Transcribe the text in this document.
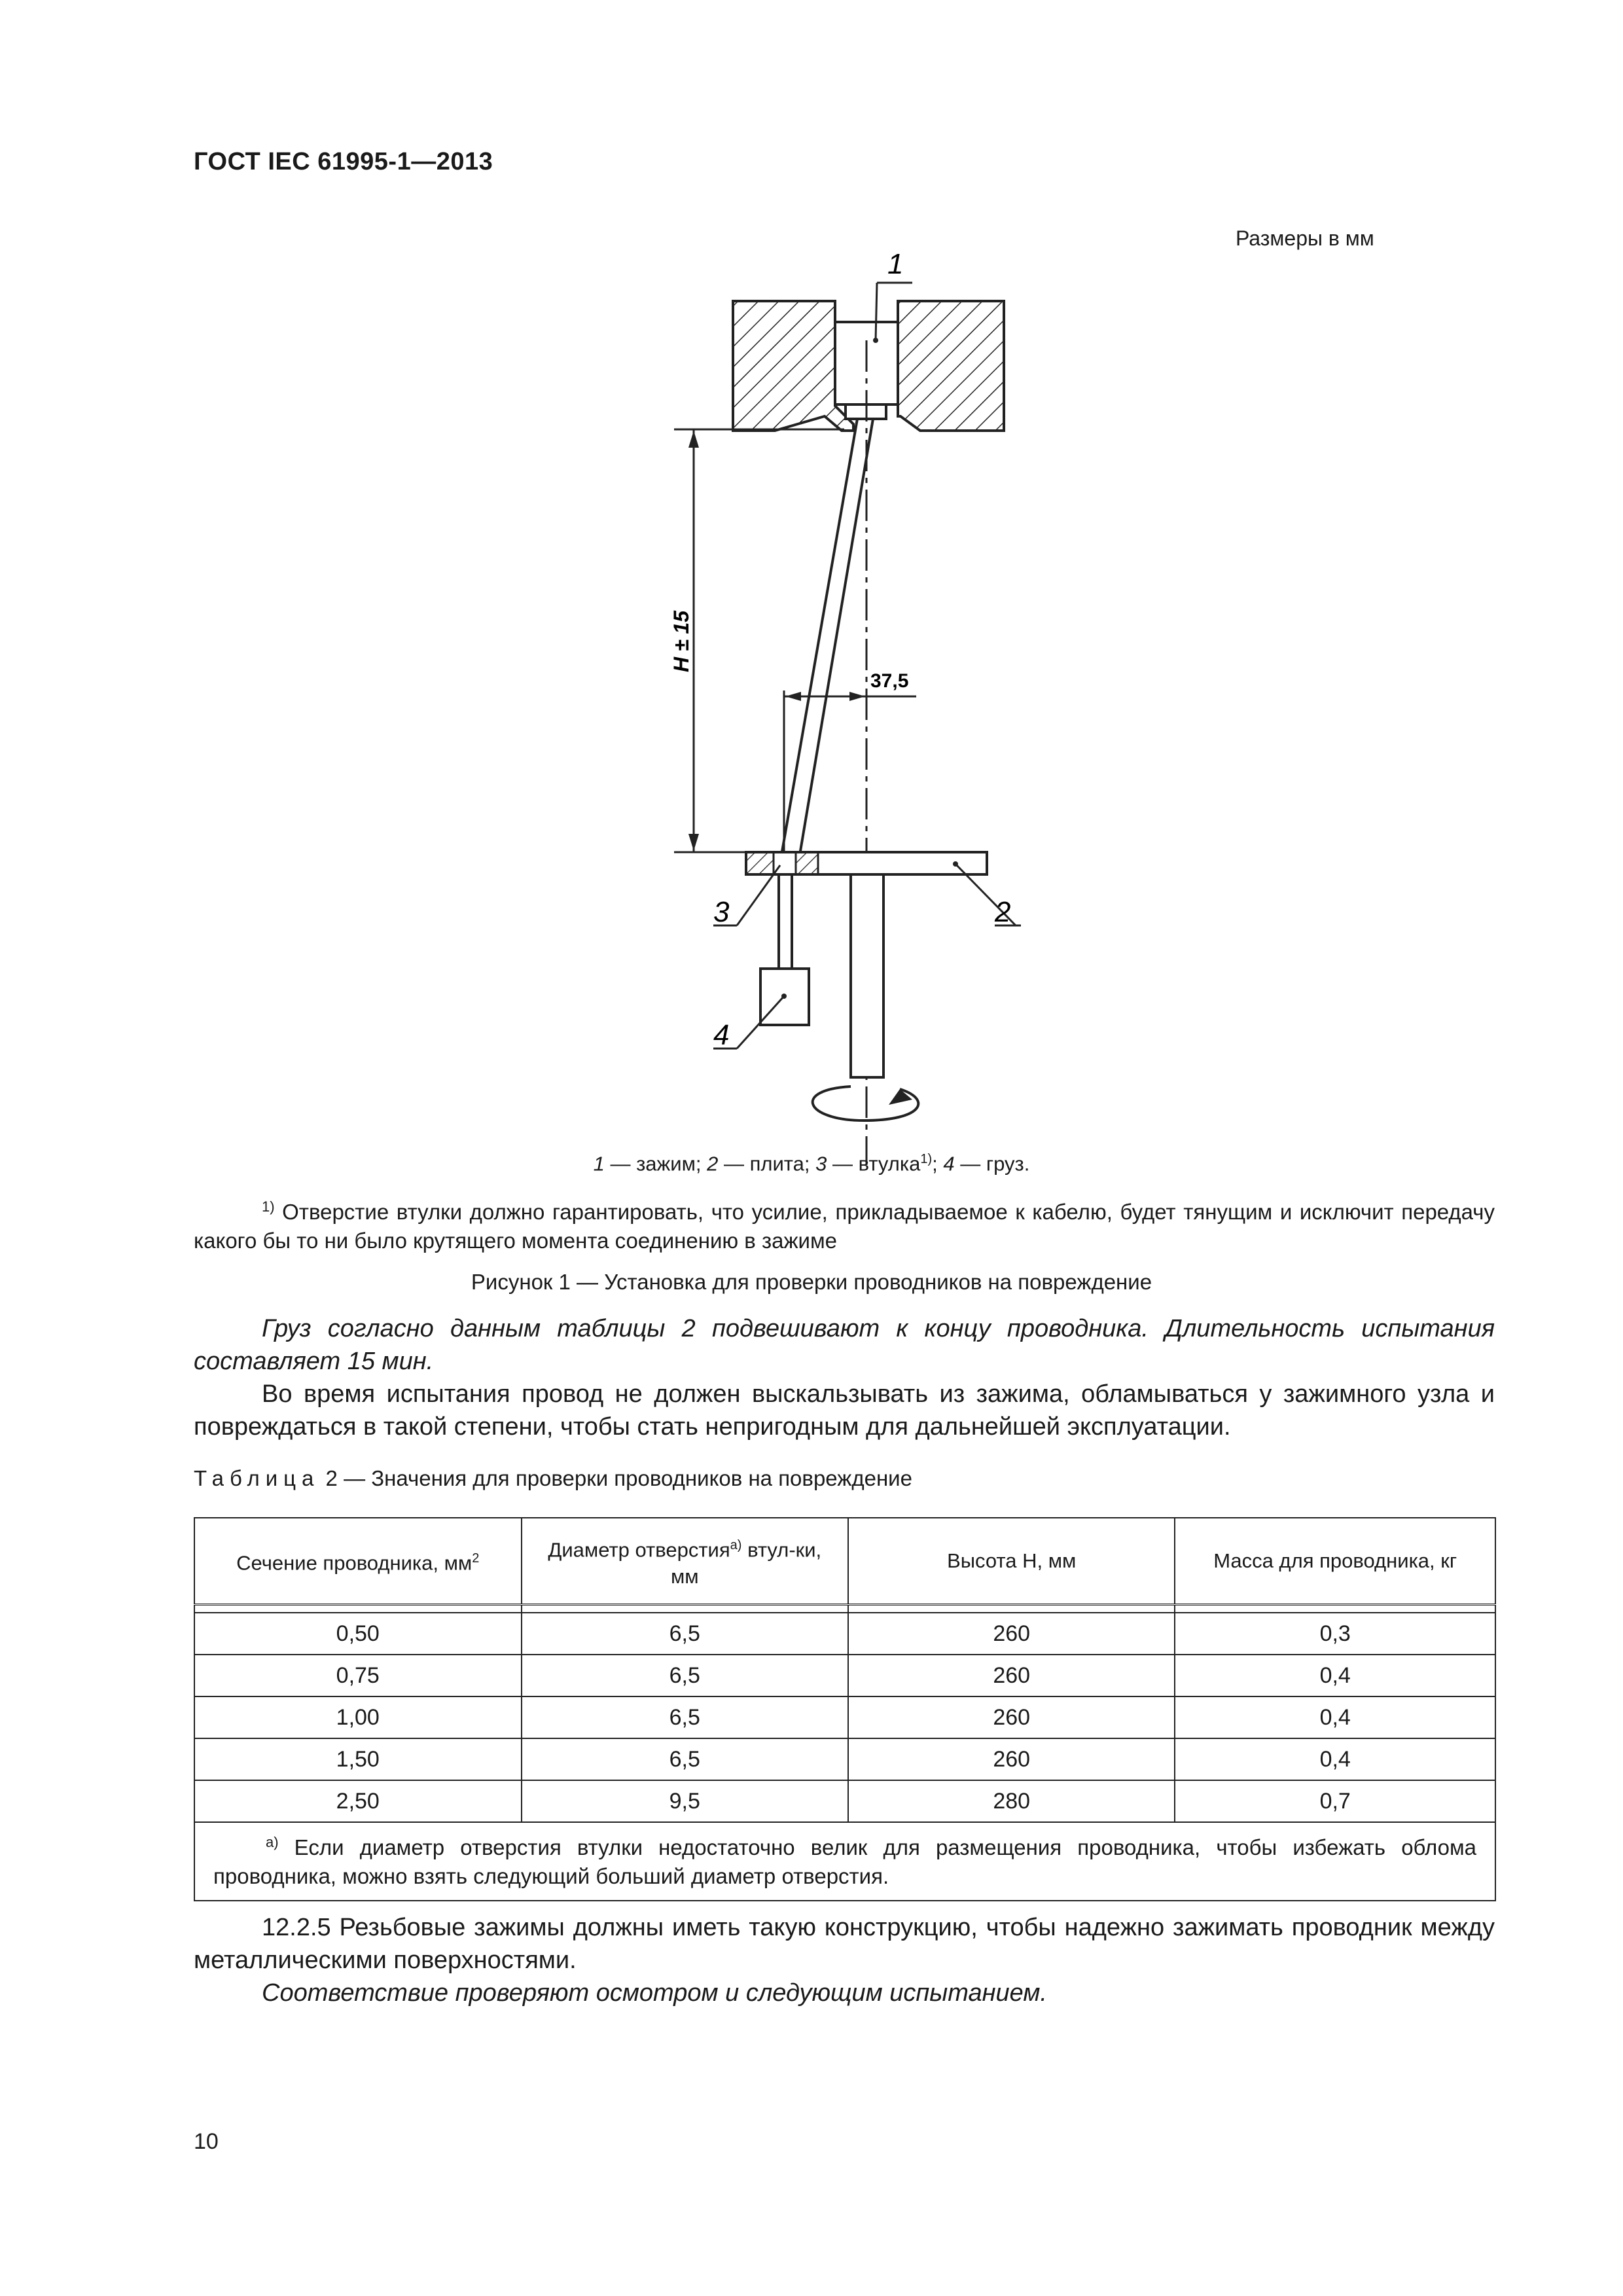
ГОСТ IEC 61995-1—2013
Размеры в мм
H ± 15
37,5
1
2
3
4
1 — зажим; 2 — плита; 3 — втулка$^{1)}$; 4 — груз.
$^{1)}$ Отверстие втулки должно гарантировать, что усилие, прикладываемое к кабелю, будет тянущим и исключит передачу какого бы то ни было крутящего момента соединению в зажиме
Рисунок 1 — Установка для проверки проводников на повреждение
Груз согласно данным таблицы 2 подвешивают к концу проводника. Длительность испытания составляет 15 мин.
Во время испытания провод не должен выскальзывать из зажима, обламываться у зажимного узла и повреждаться в такой степени, чтобы стать непригодным для дальнейшей эксплуатации.
Таблица 2 — Значения для проверки проводников на повреждение
Сечение проводника, $мм^2$	Диаметр отверстия$^{а)}$ втул-ки, мм	Высота Н, мм	Масса для проводника, кг

0,50	6,5	260	0,3
0,75	6,5	260	0,4
1,00	6,5	260	0,4
1,50	6,5	260	0,4
2,50	9,5	280	0,7
$^{а)}$ Если диаметр отверстия втулки недостаточно велик для размещения проводника, чтобы избежать облома проводника, можно взять следующий больший диаметр отверстия.			
12.2.5 Резьбовые зажимы должны иметь такую конструкцию, чтобы надежно зажимать проводник между металлическими поверхностями.
Соответствие проверяют осмотром и следующим испытанием.
10
